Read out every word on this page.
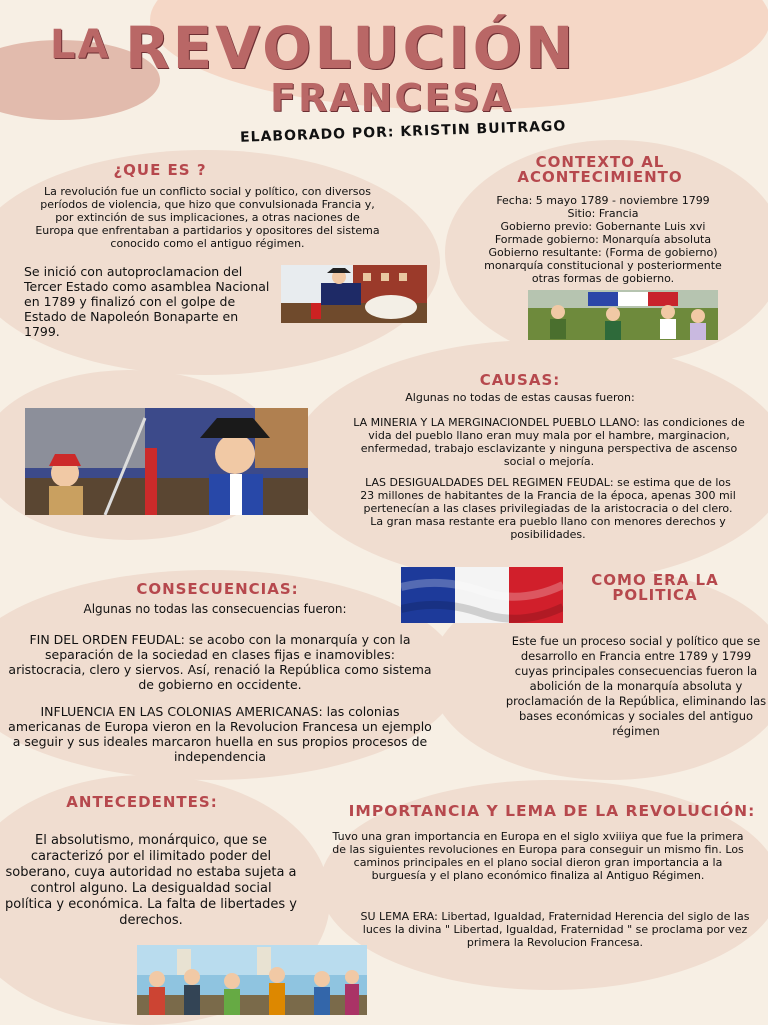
LA REVOLUCIÓN
FRANCESA
ELABORADO POR: KRISTIN BUITRAGO
¿QUE ES ?
La revolución fue un conflicto social y político, con diversos períodos de violencia, que hizo que convulsionada Francia y, por extinción de sus implicaciones, a otras naciones de Europa que enfrentaban a partidarios y opositores del sistema conocido como el antiguo régimen.
Se inició con autoproclamacion del Tercer Estado como asamblea Nacional en 1789 y finalizó con el golpe de Estado de Napoleón Bonaparte en 1799.
CONTEXTO AL
ACONTECIMIENTO
Fecha: 5 mayo 1789 - noviembre 1799
Sitio: Francia
Gobierno previo: Gobernante Luis xvi
Formade gobierno: Monarquía absoluta
Gobierno resultante: (Forma de gobierno)
monarquía constitucional y posteriormente
otras formas de gobierno.
CAUSAS:
Algunas no todas de estas causas fueron:
LA MINERIA Y LA MERGINACIONDEL PUEBLO LLANO: las condiciones de vida del pueblo llano eran muy mala por el hambre, marginacion, enfermedad, trabajo esclavizante y ninguna perspectiva de ascenso social o mejoría.
LAS DESIGUALDADES DEL REGIMEN FEUDAL: se estima que de los 23 millones de habitantes de la Francia de la época, apenas 300 mil pertenecían a las clases privilegiadas de la aristocracia o del clero. La gran masa restante era pueblo llano con menores derechos y posibilidades.
CONSECUENCIAS:
Algunas no todas las consecuencias fueron:
FIN DEL ORDEN FEUDAL: se acobo con la monarquía y con la separación de la sociedad en clases fijas e inamovibles: aristocracia, clero y siervos. Así, renació la República como sistema de gobierno en occidente.
INFLUENCIA EN LAS COLONIAS AMERICANAS: las colonias americanas de Europa vieron en la Revolucion Francesa un ejemplo a seguir y sus ideales marcaron huella en sus propios procesos de independencia
COMO ERA LA
POLITICA
Este fue un proceso social y político que se desarrollo en Francia entre 1789 y 1799 cuyas principales consecuencias fueron la abolición de la monarquía absoluta y proclamación de la República, eliminando las bases económicas y sociales del antiguo régimen
ANTECEDENTES:
El absolutismo, monárquico, que se caracterizó por el ilimitado poder del soberano, cuya autoridad no estaba sujeta a control alguno. La desigualdad social política y económica. La falta de libertades y derechos.
IMPORTANCIA Y LEMA DE LA REVOLUCIÓN:
Tuvo una gran importancia en Europa en el siglo xviiiya que fue la primera de las siguientes revoluciones en Europa para conseguir un mismo fin. Los caminos principales en el plano social dieron gran importancia a la burguesía y el plano económico finaliza al Antiguo Régimen.
SU LEMA ERA: Libertad, Igualdad, Fraternidad Herencia del siglo de las luces la divina " Libertad, Igualdad, Fraternidad " se proclama por vez primera la Revolucion Francesa.
